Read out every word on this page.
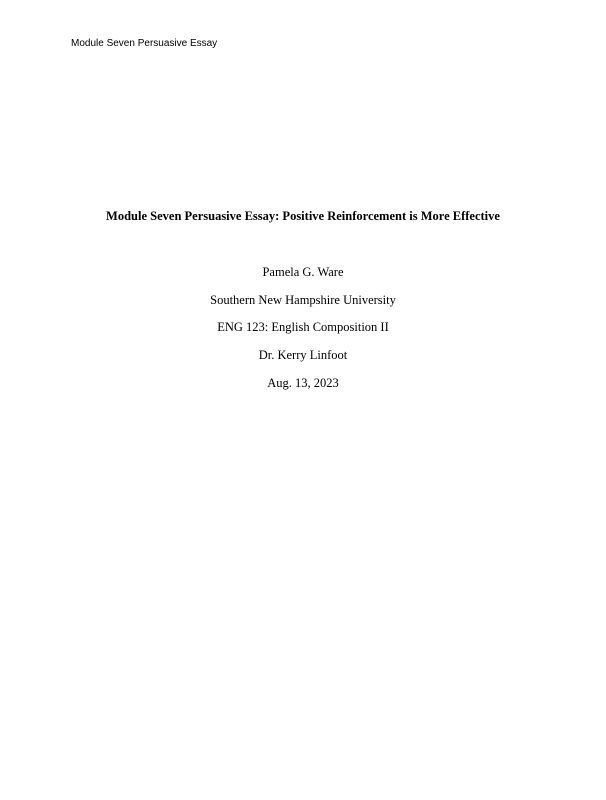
Module Seven Persuasive Essay
Module Seven Persuasive Essay: Positive Reinforcement is More Effective
Pamela G. Ware
Southern New Hampshire University
ENG 123: English Composition II
Dr. Kerry Linfoot
Aug. 13, 2023
